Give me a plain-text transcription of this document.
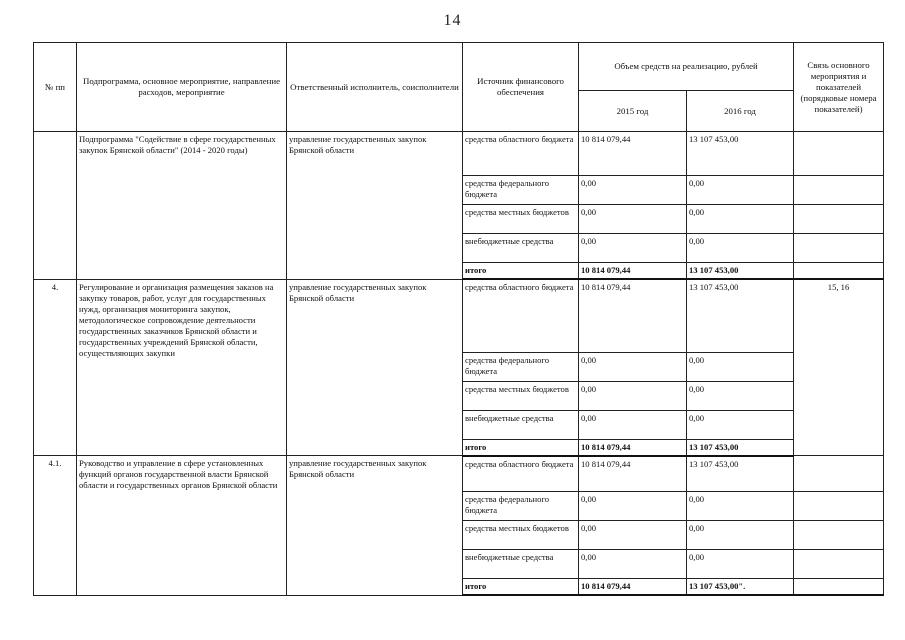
14
№ пп	Подпрограмма, основное мероприятие, направление расходов, мероприятие	Ответственный исполнитель, соисполнители	Источник финансового обеспечения	Объем средств на реализацию, рублей		Связь основного мероприятия и показателей (порядковые номера показателей)
				2015 год	2016 год	
	Подпрограмма "Содействие в сфере государственных закупок Брянской области" (2014 - 2020 годы)	управление государственных закупок Брянской области	средства областного бюджета	10 814 079,44	13 107 453,00	
			средства федерального бюджета	0,00	0,00	
			средства местных бюджетов	0,00	0,00	
			внебюджетные средства	0,00	0,00	
			итого	10 814 079,44	13 107 453,00	
4.	Регулирование и организация размещения заказов на закупку товаров, работ, услуг для государственных нужд, организация мониторинга закупок, методологическое сопровождение деятельности государственных заказчиков Брянской области и государственных учреждений Брянской области, осуществляющих закупки	управление государственных закупок Брянской области	средства областного бюджета	10 814 079,44	13 107 453,00	15, 16
			средства федерального бюджета	0,00	0,00	
			средства местных бюджетов	0,00	0,00	
			внебюджетные средства	0,00	0,00	
			итого	10 814 079,44	13 107 453,00	
4.1.	Руководство и управление в сфере установленных функций органов государственной власти Брянской области и государственных органов Брянской области	управление государственных закупок Брянской области	средства областного бюджета	10 814 079,44	13 107 453,00	
			средства федерального бюджета	0,00	0,00	
			средства местных бюджетов	0,00	0,00	
			внебюджетные средства	0,00	0,00	
			итого	10 814 079,44	13 107 453,00".	
